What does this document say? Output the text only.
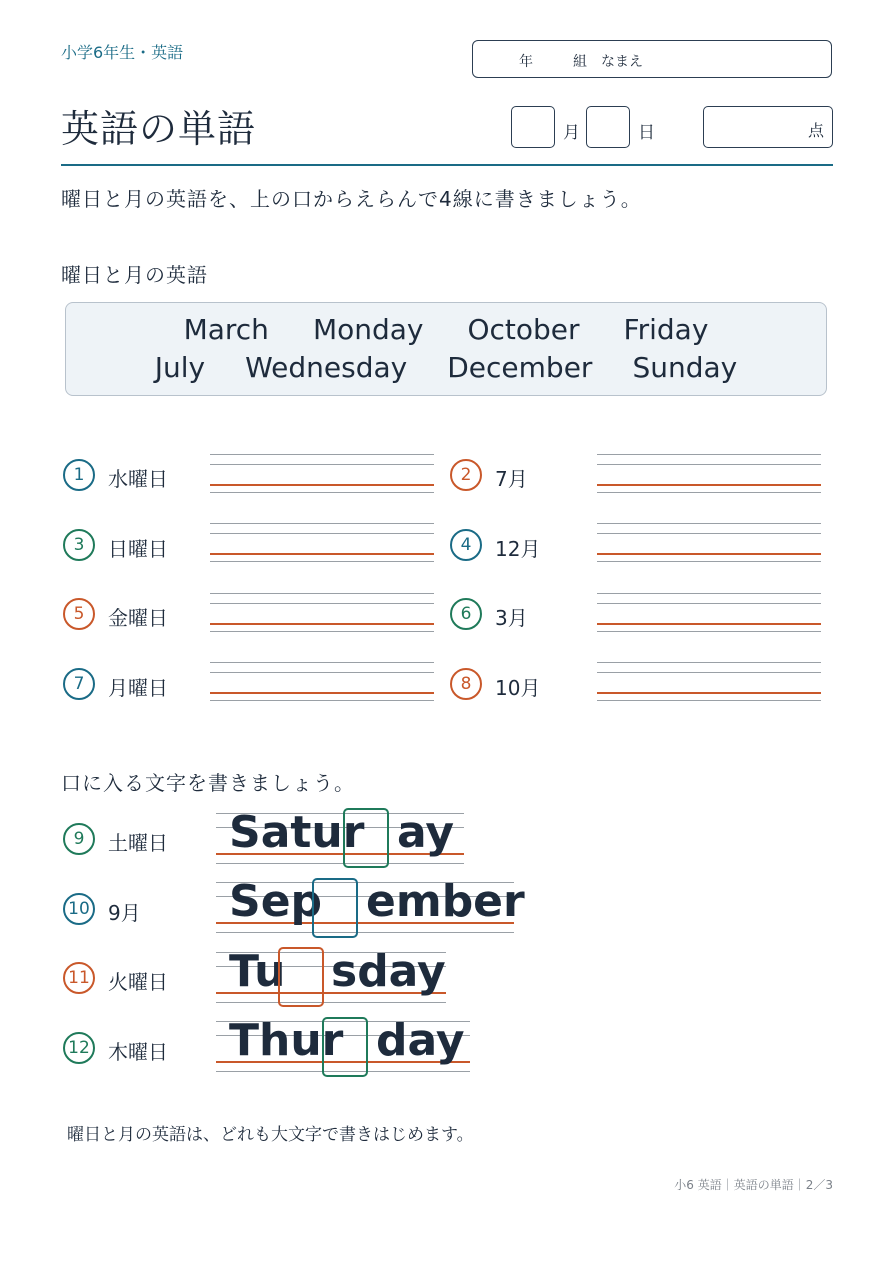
小学6年生・英語	年	組 なまえ
英語の単語	月	日	点
曜日と月の英語を、上の口からえらんで4線に書きましょう。
曜日と月の英語
March Monday October Friday
July Wednesday December Sunday
1	水曜日	2	7月
3	日曜日	4	12月
5	金曜日	6	3月
7	月曜日	8	10月
口に入る文字を書きましょう。
9	土曜日 Satur ay
10 9月 Sep ember
11 火曜日 Tu sday
12 木曜日 Thur day
曜日と月の英語は、どれも大文字で書きはじめます。
小6 英語｜英語の単語｜2／3
